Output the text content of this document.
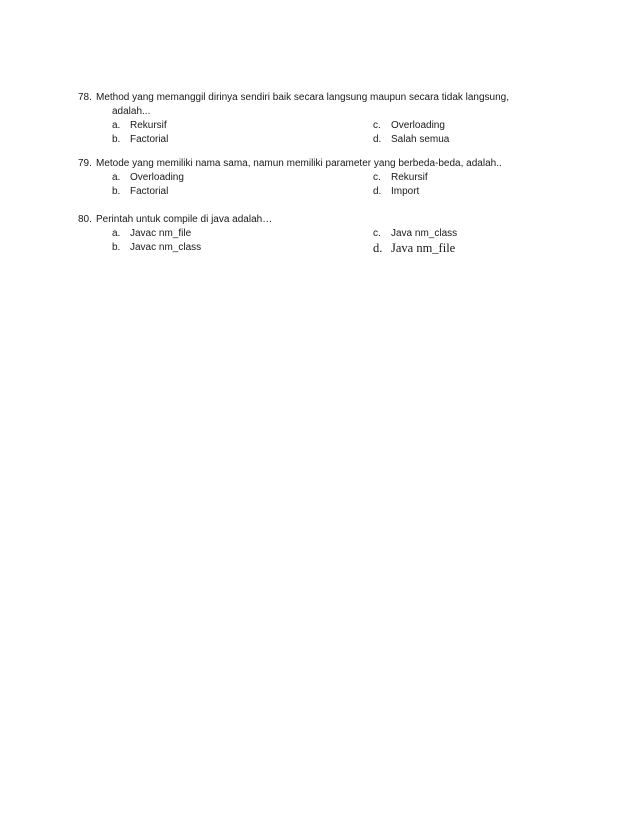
78. Method yang memanggil dirinya sendiri baik secara langsung maupun secara tidak langsung,
adalah...
a. Rekursif	c. Overloading
b. Factorial	d. Salah semua
79. Metode yang memiliki nama sama, namun memiliki parameter yang berbeda-beda, adalah..
a. Overloading	c. Rekursif
b. Factorial	d. Import
80. Perintah untuk compile di java adalah…
a. Javac nm_file	c. Java nm_class
b. Javac nm_class	d. Java nm_file
